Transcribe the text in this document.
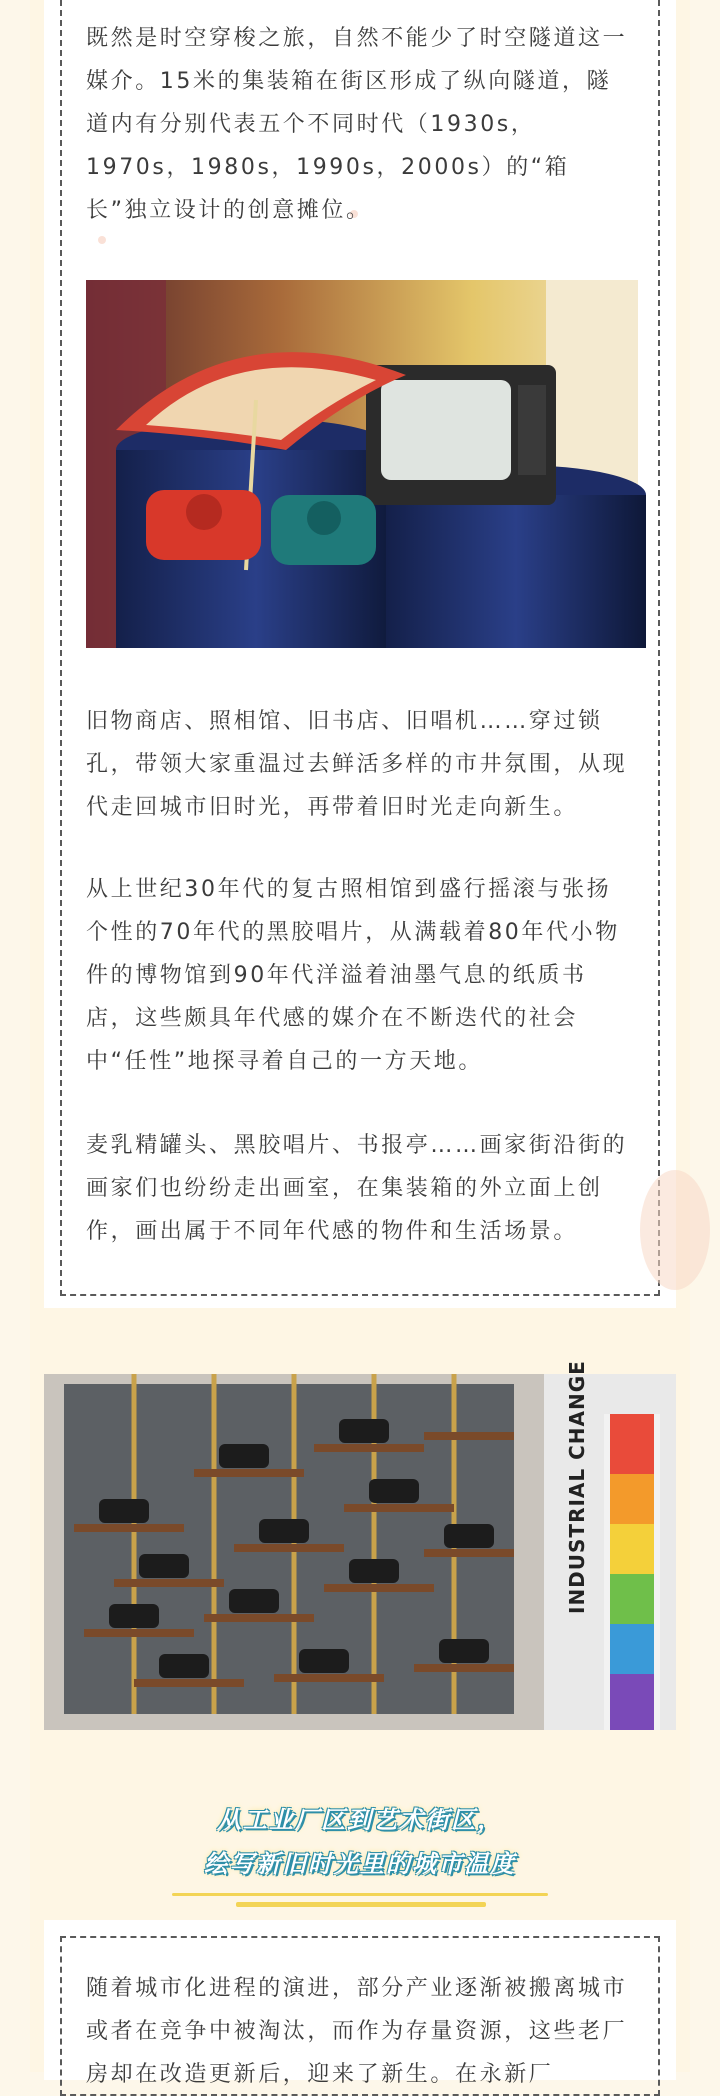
既然是时空穿梭之旅，自然不能少了时空隧道这一媒介。15米的集装箱在街区形成了纵向隧道，隧道内有分别代表五个不同时代（1930s，1970s，1980s，1990s，2000s）的“箱长”独立设计的创意摊位。

旧物商店、照相馆、旧书店、旧唱机……穿过锁孔，带领大家重温过去鲜活多样的市井氛围，从现代走回城市旧时光，再带着旧时光走向新生。

从上世纪30年代的复古照相馆到盛行摇滚与张扬个性的70年代的黑胶唱片，从满载着80年代小物件的博物馆到90年代洋溢着油墨气息的纸质书店，这些颇具年代感的媒介在不断迭代的社会中“任性”地探寻着自己的一方天地。

麦乳精罐头、黑胶唱片、书报亭……画家街沿街的画家们也纷纷走出画室，在集装箱的外立面上创作，画出属于不同年代感的物件和生活场景。

INDUSTRIAL CHANGE
从工业厂区到艺术街区，
绘写新旧时光里的城市温度

随着城市化进程的演进，部分产业逐渐被搬离城市或者在竞争中被淘汰，而作为存量资源，这些老厂房却在改造更新后，迎来了新生。在永新厂
